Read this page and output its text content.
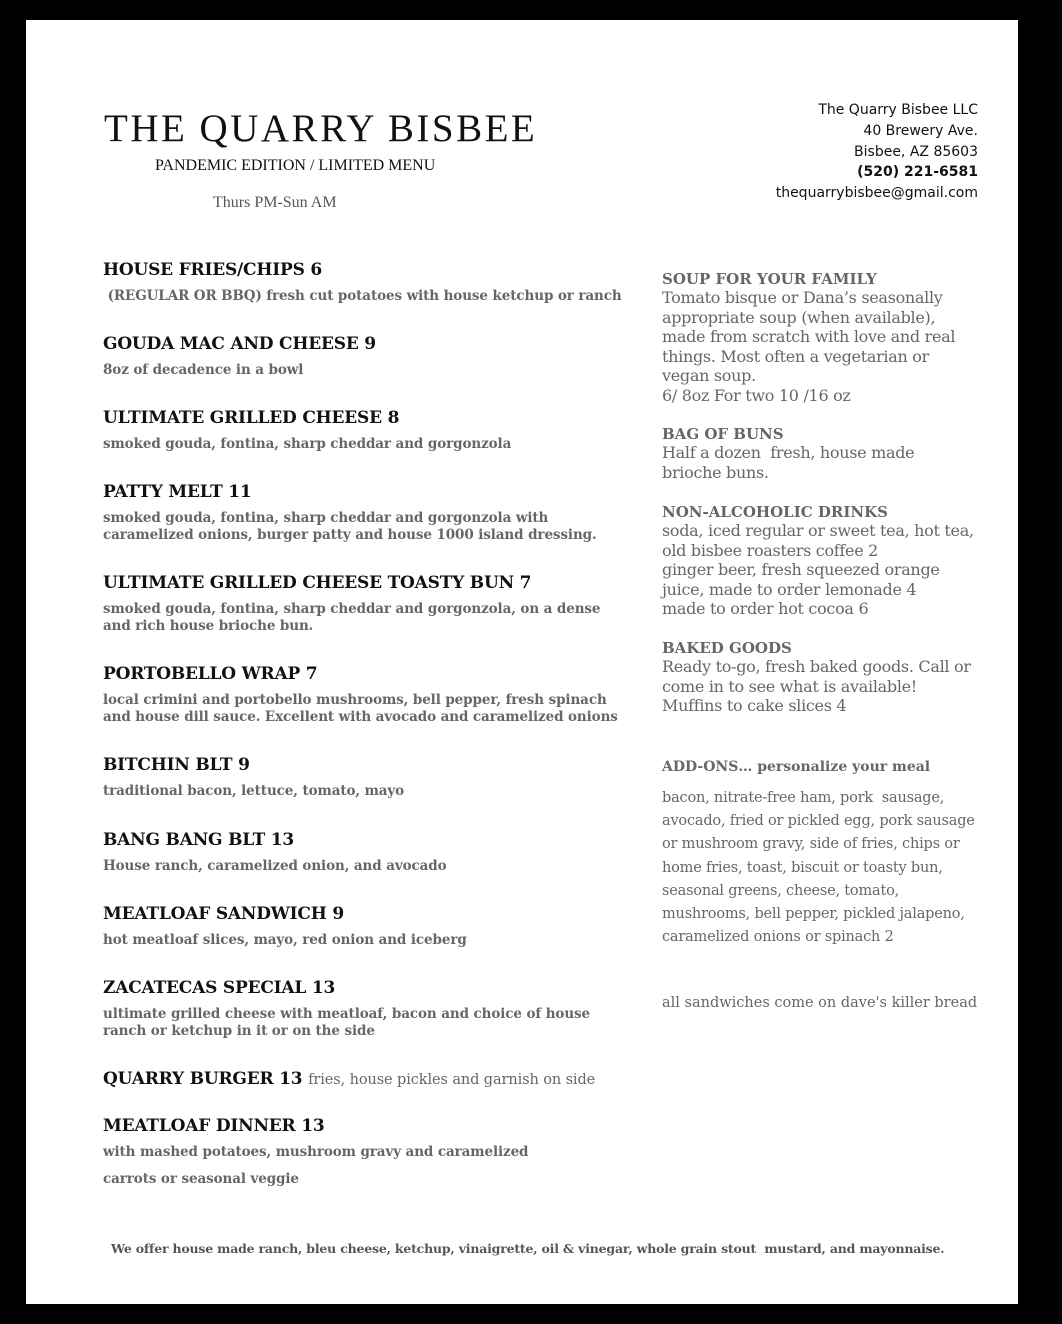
THE QUARRY BISBEE
PANDEMIC EDITION / LIMITED MENU
Thurs PM-Sun AM
The Quarry Bisbee LLC
40 Brewery Ave.
Bisbee, AZ 85603
(520) 221-6581
thequarrybisbee@gmail.com
HOUSE FRIES/CHIPS 6
(REGULAR OR BBQ) fresh cut potatoes with house ketchup or ranch
GOUDA MAC AND CHEESE 9
8oz of decadence in a bowl
ULTIMATE GRILLED CHEESE 8
smoked gouda, fontina, sharp cheddar and gorgonzola
PATTY MELT 11
smoked gouda, fontina, sharp cheddar and gorgonzola with
caramelized onions, burger patty and house 1000 island dressing.
ULTIMATE GRILLED CHEESE TOASTY BUN 7
smoked gouda, fontina, sharp cheddar and gorgonzola, on a dense
and rich house brioche bun.
PORTOBELLO WRAP 7
local crimini and portobello mushrooms, bell pepper, fresh spinach
and house dill sauce. Excellent with avocado and caramelized onions
BITCHIN BLT 9
traditional bacon, lettuce, tomato, mayo
BANG BANG BLT 13
House ranch, caramelized onion, and avocado
MEATLOAF SANDWICH 9
hot meatloaf slices, mayo, red onion and iceberg
ZACATECAS SPECIAL 13
ultimate grilled cheese with meatloaf, bacon and choice of house
ranch or ketchup in it or on the side
QUARRY BURGER 13 fries, house pickles and garnish on side
MEATLOAF DINNER 13
with mashed potatoes, mushroom gravy and caramelized
carrots or seasonal veggie
SOUP FOR YOUR FAMILY
Tomato bisque or Dana’s seasonally
appropriate soup (when available),
made from scratch with love and real
things. Most often a vegetarian or
vegan soup.
6/ 8oz For two 10 /16 oz
BAG OF BUNS
Half a dozen  fresh, house made
brioche buns.
NON-ALCOHOLIC DRINKS
soda, iced regular or sweet tea, hot tea,
old bisbee roasters coffee 2
ginger beer, fresh squeezed orange
juice, made to order lemonade 4
made to order hot cocoa 6
BAKED GOODS
Ready to-go, fresh baked goods. Call or
come in to see what is available!
Muffins to cake slices 4
ADD-ONS… personalize your meal
bacon, nitrate-free ham, pork  sausage,
avocado, fried or pickled egg, pork sausage
or mushroom gravy, side of fries, chips or
home fries, toast, biscuit or toasty bun,
seasonal greens, cheese, tomato,
mushrooms, bell pepper, pickled jalapeno,
caramelized onions or spinach 2
all sandwiches come on dave's killer bread
We offer house made ranch, bleu cheese, ketchup, vinaigrette, oil & vinegar, whole grain stout  mustard, and mayonnaise.
